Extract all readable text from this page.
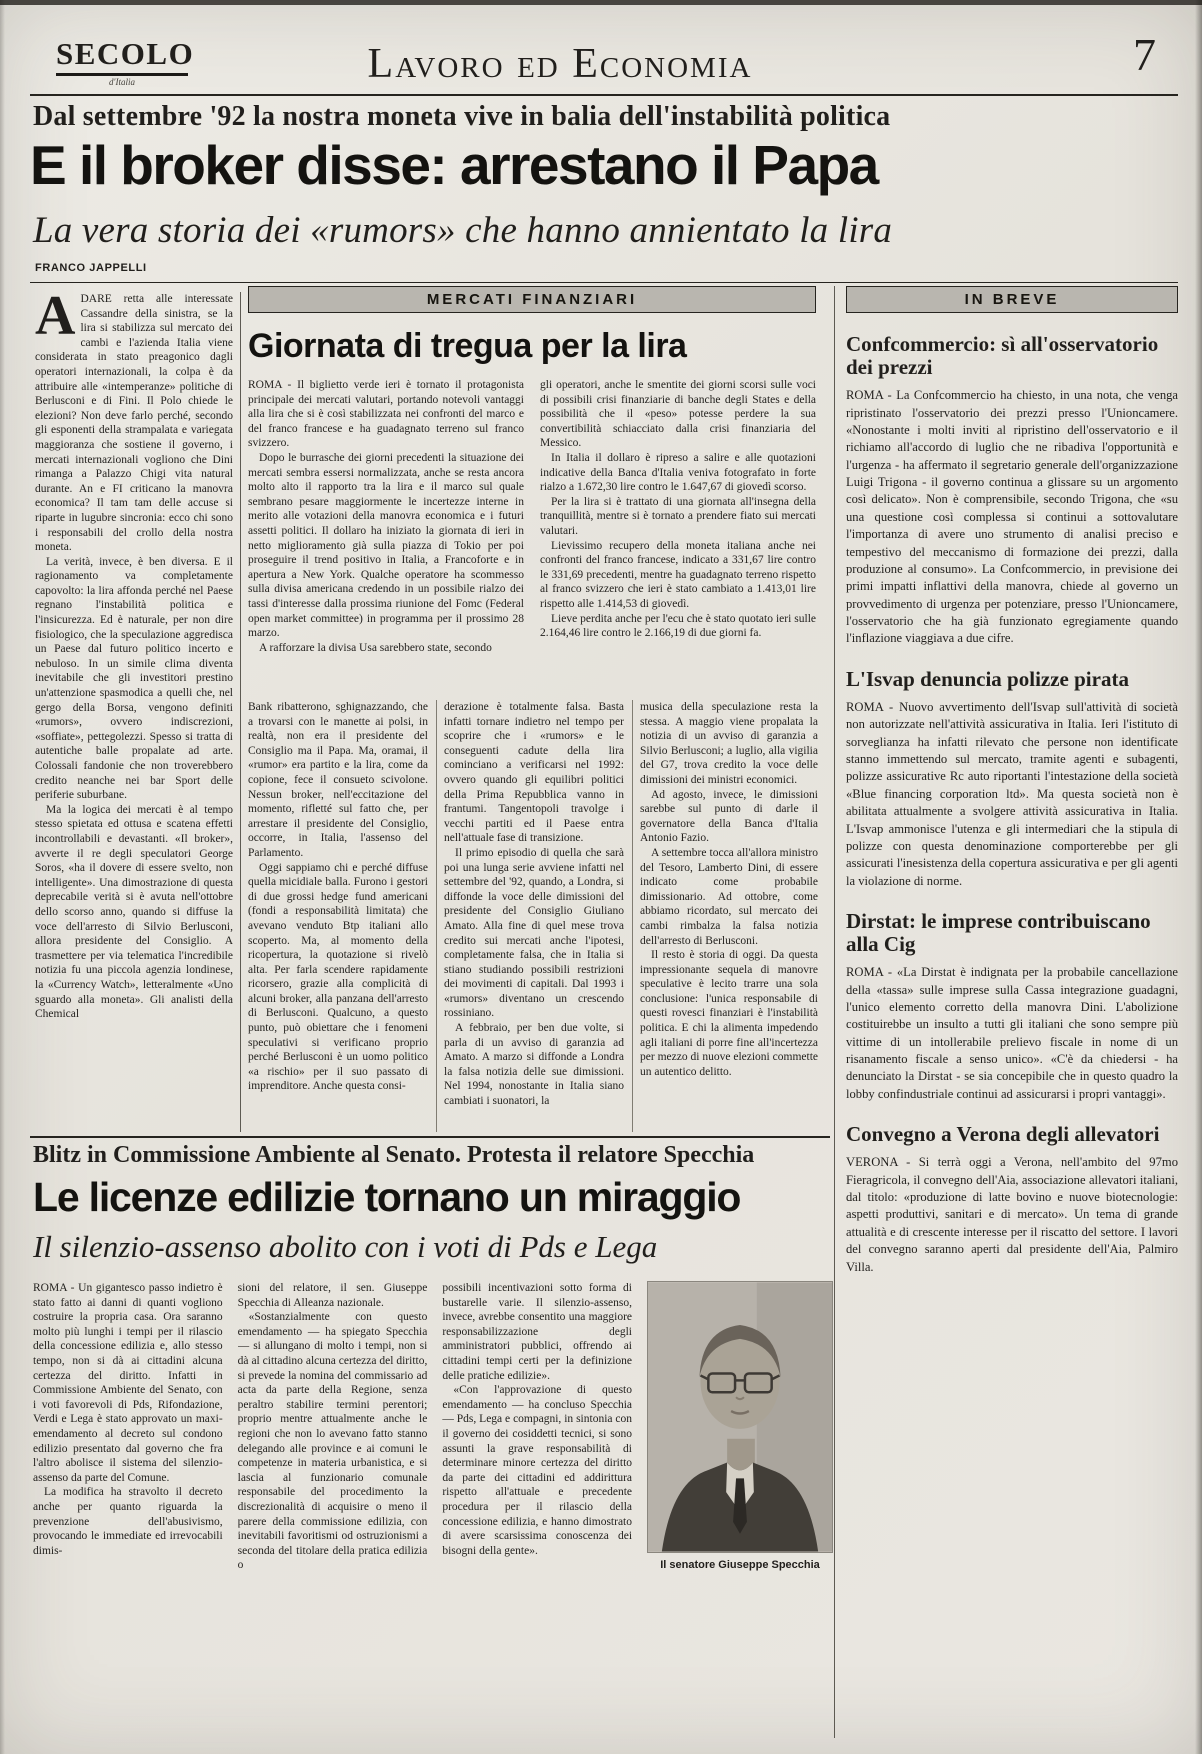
SECOLO
d'Italia	Lavoro ed Economia	7
Dal settembre '92 la nostra moneta vive in balia dell'instabilità politica
E il broker disse: arrestano il Papa
La vera storia dei «rumors» che hanno annientato la lira
FRANCO JAPPELLI
A DARE retta alle interessate Cassandre della sinistra, se la lira si stabilizza sul mercato dei cambi e l'azienda Italia viene considerata in stato preagonico dagli operatori internazionali, la colpa è da attribuire alle «intemperanze» politiche di Berlusconi e di Fini. Il Polo chiede le elezioni? Non deve farlo perché, secondo gli esponenti della strampalata e variegata maggioranza che sostiene il governo, i mercati internazionali vogliono che Dini rimanga a Palazzo Chigi vita natural durante. An e FI criticano la manovra economica? Il tam tam delle accuse si riparte in lugubre sincronia: ecco chi sono i responsabili del crollo della nostra moneta.

La verità, invece, è ben diversa. E il ragionamento va completamente capovolto: la lira affonda perché nel Paese regnano l'instabilità politica e l'insicurezza. Ed è naturale, per non dire fisiologico, che la speculazione aggredisca un Paese dal futuro politico incerto e nebuloso. In un simile clima diventa inevitabile che gli investitori prestino un'attenzione spasmodica a quelli che, nel gergo della Borsa, vengono definiti «rumors», ovvero indiscrezioni, «soffiate», pettegolezzi. Spesso si tratta di autentiche balle propalate ad arte. Colossali fandonie che non troverebbero credito neanche nei bar Sport delle periferie suburbane.

Ma la logica dei mercati è al tempo stesso spietata ed ottusa e scatena effetti incontrollabili e devastanti. «Il broker», avverte il re degli speculatori George Soros, «ha il dovere di essere svelto, non intelligente». Una dimostrazione di questa deprecabile verità si è avuta nell'ottobre dello scorso anno, quando si diffuse la voce dell'arresto di Silvio Berlusconi, allora presidente del Consiglio. A trasmettere per via telematica l'incredibile notizia fu una piccola agenzia londinese, la «Currency Watch», letteralmente «Uno sguardo alla moneta». Gli analisti della Chemical

MERCATI FINANZIARI
Giornata di tregua per la lira

ROMA - Il biglietto verde ieri è tornato il protagonista principale dei mercati valutari, portando notevoli vantaggi alla lira che si è così stabilizzata nei confronti del marco e del franco francese e ha guadagnato terreno sul franco svizzero.

Dopo le burrasche dei giorni precedenti la situazione dei mercati sembra essersi normalizzata, anche se resta ancora molto alto il rapporto tra la lira e il marco sul quale sembrano pesare maggiormente le incertezze interne in merito alle votazioni della manovra economica e i futuri assetti politici. Il dollaro ha iniziato la giornata di ieri in netto miglioramento già sulla piazza di Tokio per poi proseguire il trend positivo in Italia, a Francoforte e in apertura a New York. Qualche operatore ha scommesso sulla divisa americana credendo in un possibile rialzo dei tassi d'interesse dalla prossima riunione del Fomc (Federal open market committee) in programma per il prossimo 28 marzo.

A rafforzare la divisa Usa sarebbero state, secondo

gli operatori, anche le smentite dei giorni scorsi sulle voci di possibili crisi finanziarie di banche degli States e della possibilità che il «peso» potesse perdere la sua convertibilità schiacciato dalla crisi finanziaria del Messico.

In Italia il dollaro è ripreso a salire e alle quotazioni indicative della Banca d'Italia veniva fotografato in forte rialzo a 1.672,30 lire contro le 1.647,67 di giovedì scorso.

Per la lira si è trattato di una giornata all'insegna della tranquillità, mentre si è tornato a prendere fiato sui mercati valutari.

Lievissimo recupero della moneta italiana anche nei confronti del franco francese, indicato a 331,67 lire contro le 331,69 precedenti, mentre ha guadagnato terreno rispetto al franco svizzero che ieri è stato cambiato a 1.413,01 lire rispetto alle 1.414,53 di giovedì.

Lieve perdita anche per l'ecu che è stato quotato ieri sulle 2.164,46 lire contro le 2.166,19 di due giorni fa.

Bank ribatterono, sghignazzando, che a trovarsi con le manette ai polsi, in realtà, non era il presidente del Consiglio ma il Papa. Ma, oramai, il «rumor» era partito e la lira, come da copione, fece il consueto scivolone. Nessun broker, nell'eccitazione del momento, rifletté sul fatto che, per arrestare il presidente del Consiglio, occorre, in Italia, l'assenso del Parlamento.

Oggi sappiamo chi e perché diffuse quella micidiale balla. Furono i gestori di due grossi hedge fund americani (fondi a responsabilità limitata) che avevano venduto Btp italiani allo scoperto. Ma, al momento della ricopertura, la quotazione si rivelò alta. Per farla scendere rapidamente ricorsero, grazie alla complicità di alcuni broker, alla panzana dell'arresto di Berlusconi. Qualcuno, a questo punto, può obiettare che i fenomeni speculativi si verificano proprio perché Berlusconi è un uomo politico «a rischio» per il suo passato di imprenditore. Anche questa consi-

derazione è totalmente falsa. Basta infatti tornare indietro nel tempo per scoprire che i «rumors» e le conseguenti cadute della lira cominciano a verificarsi nel 1992: ovvero quando gli equilibri politici della Prima Repubblica vanno in frantumi. Tangentopoli travolge i vecchi partiti ed il Paese entra nell'attuale fase di transizione.

Il primo episodio di quella che sarà poi una lunga serie avviene infatti nel settembre del '92, quando, a Londra, si diffonde la voce delle dimissioni del presidente del Consiglio Giuliano Amato. Alla fine di quel mese trova credito sui mercati anche l'ipotesi, completamente falsa, che in Italia si stiano studiando possibili restrizioni dei movimenti di capitali. Dal 1993 i «rumors» diventano un crescendo rossiniano.

A febbraio, per ben due volte, si parla di un avviso di garanzia ad Amato. A marzo si diffonde a Londra la falsa notizia delle sue dimissioni. Nel 1994, nonostante in Italia siano cambiati i suonatori, la

musica della speculazione resta la stessa. A maggio viene propalata la notizia di un avviso di garanzia a Silvio Berlusconi; a luglio, alla vigilia del G7, trova credito la voce delle dimissioni dei ministri economici.

Ad agosto, invece, le dimissioni sarebbe sul punto di darle il governatore della Banca d'Italia Antonio Fazio.

A settembre tocca all'allora ministro del Tesoro, Lamberto Dini, di essere indicato come probabile dimissionario. Ad ottobre, come abbiamo ricordato, sul mercato dei cambi rimbalza la falsa notizia dell'arresto di Berlusconi.

Il resto è storia di oggi. Da questa impressionante sequela di manovre speculative è lecito trarre una sola conclusione: l'unica responsabile di questi rovesci finanziari è l'instabilità politica. E chi la alimenta impedendo agli italiani di porre fine all'incertezza per mezzo di nuove elezioni commette un autentico delitto.

IN BREVE
Confcommercio: sì all'osservatorio dei prezzi

ROMA - La Confcommercio ha chiesto, in una nota, che venga ripristinato l'osservatorio dei prezzi presso l'Unioncamere. «Nonostante i molti inviti al ripristino dell'osservatorio e il richiamo all'accordo di luglio che ne ribadiva l'opportunità e l'urgenza - ha affermato il segretario generale dell'organizzazione Luigi Trigona - il governo continua a glissare su un argomento così delicato». Non è comprensibile, secondo Trigona, che «su una questione così complessa si continui a sottovalutare l'importanza di avere uno strumento di analisi preciso e tempestivo del meccanismo di formazione dei prezzi, dalla produzione al consumo». La Confcommercio, in previsione dei primi impatti inflattivi della manovra, chiede al governo un provvedimento di urgenza per potenziare, presso l'Unioncamere, l'osservatorio che ha già funzionato egregiamente quando l'inflazione viaggiava a due cifre.

L'Isvap denuncia polizze pirata

ROMA - Nuovo avvertimento dell'Isvap sull'attività di società non autorizzate nell'attività assicurativa in Italia. Ieri l'istituto di sorveglianza ha infatti rilevato che persone non identificate stanno immettendo sul mercato, tramite agenti e subagenti, polizze assicurative Rc auto riportanti l'intestazione della società «Blue financing corporation ltd». Ma questa società non è abilitata attualmente a svolgere attività assicurativa in Italia. L'Isvap ammonisce l'utenza e gli intermediari che la stipula di polizze con questa denominazione comporterebbe per gli assicurati l'inesistenza della copertura assicurativa e per gli agenti la violazione di norme.

Dirstat: le imprese contribuiscano alla Cig

ROMA - «La Dirstat è indignata per la probabile cancellazione della «tassa» sulle imprese sulla Cassa integrazione guadagni, l'unico elemento corretto della manovra Dini. L'abolizione costituirebbe un insulto a tutti gli italiani che sono sempre più vittime di un intollerabile prelievo fiscale in nome di un risanamento fiscale a senso unico». «C'è da chiedersi - ha denunciato la Dirstat - se sia concepibile che in questo quadro la lobby confindustriale continui ad assicurarsi i propri vantaggi».

Convegno a Verona degli allevatori

VERONA - Si terrà oggi a Verona, nell'ambito del 97mo Fieragricola, il convegno dell'Aia, associazione allevatori italiani, dal titolo: «produzione di latte bovino e nuove biotecnologie: aspetti produttivi, sanitari e di mercato». Un tema di grande attualità e di crescente interesse per il riscatto del settore. I lavori del convegno saranno aperti dal presidente dell'Aia, Palmiro Villa.

Blitz in Commissione Ambiente al Senato. Protesta il relatore Specchia
Le licenze edilizie tornano un miraggio
Il silenzio-assenso abolito con i voti di Pds e Lega

ROMA - Un gigantesco passo indietro è stato fatto ai danni di quanti vogliono costruire la propria casa. Ora saranno molto più lunghi i tempi per il rilascio della concessione edilizia e, allo stesso tempo, non si dà ai cittadini alcuna certezza del diritto. Infatti in Commissione Ambiente del Senato, con i voti favorevoli di Pds, Rifondazione, Verdi e Lega è stato approvato un maxi-emendamento al decreto sul condono edilizio presentato dal governo che fra l'altro abolisce il sistema del silenzio-assenso da parte del Comune.

La modifica ha stravolto il decreto anche per quanto riguarda la prevenzione dell'abusivismo, provocando le immediate ed irrevocabili dimis-

sioni del relatore, il sen. Giuseppe Specchia di Alleanza nazionale.

«Sostanzialmente con questo emendamento — ha spiegato Specchia — si allungano di molto i tempi, non si dà al cittadino alcuna certezza del diritto, si prevede la nomina del commissario ad acta da parte della Regione, senza peraltro stabilire termini perentori; proprio mentre attualmente anche le regioni che non lo avevano fatto stanno delegando alle province e ai comuni le competenze in materia urbanistica, e si lascia al funzionario comunale responsabile del procedimento la discrezionalità di acquisire o meno il parere della commissione edilizia, con inevitabili favoritismi od ostruzionismi a seconda del titolare della pratica edilizia o

possibili incentivazioni sotto forma di bustarelle varie. Il silenzio-assenso, invece, avrebbe consentito una maggiore responsabilizzazione degli amministratori pubblici, offrendo ai cittadini tempi certi per la definizione delle pratiche edilizie».

«Con l'approvazione di questo emendamento — ha concluso Specchia — Pds, Lega e compagni, in sintonia con il governo dei cosiddetti tecnici, si sono assunti la grave responsabilità di determinare minore certezza del diritto da parte dei cittadini ed addirittura rispetto all'attuale e precedente procedura per il rilascio della concessione edilizia, e hanno dimostrato di avere scarsissima conoscenza dei bisogni della gente».

Il senatore Giuseppe Specchia
